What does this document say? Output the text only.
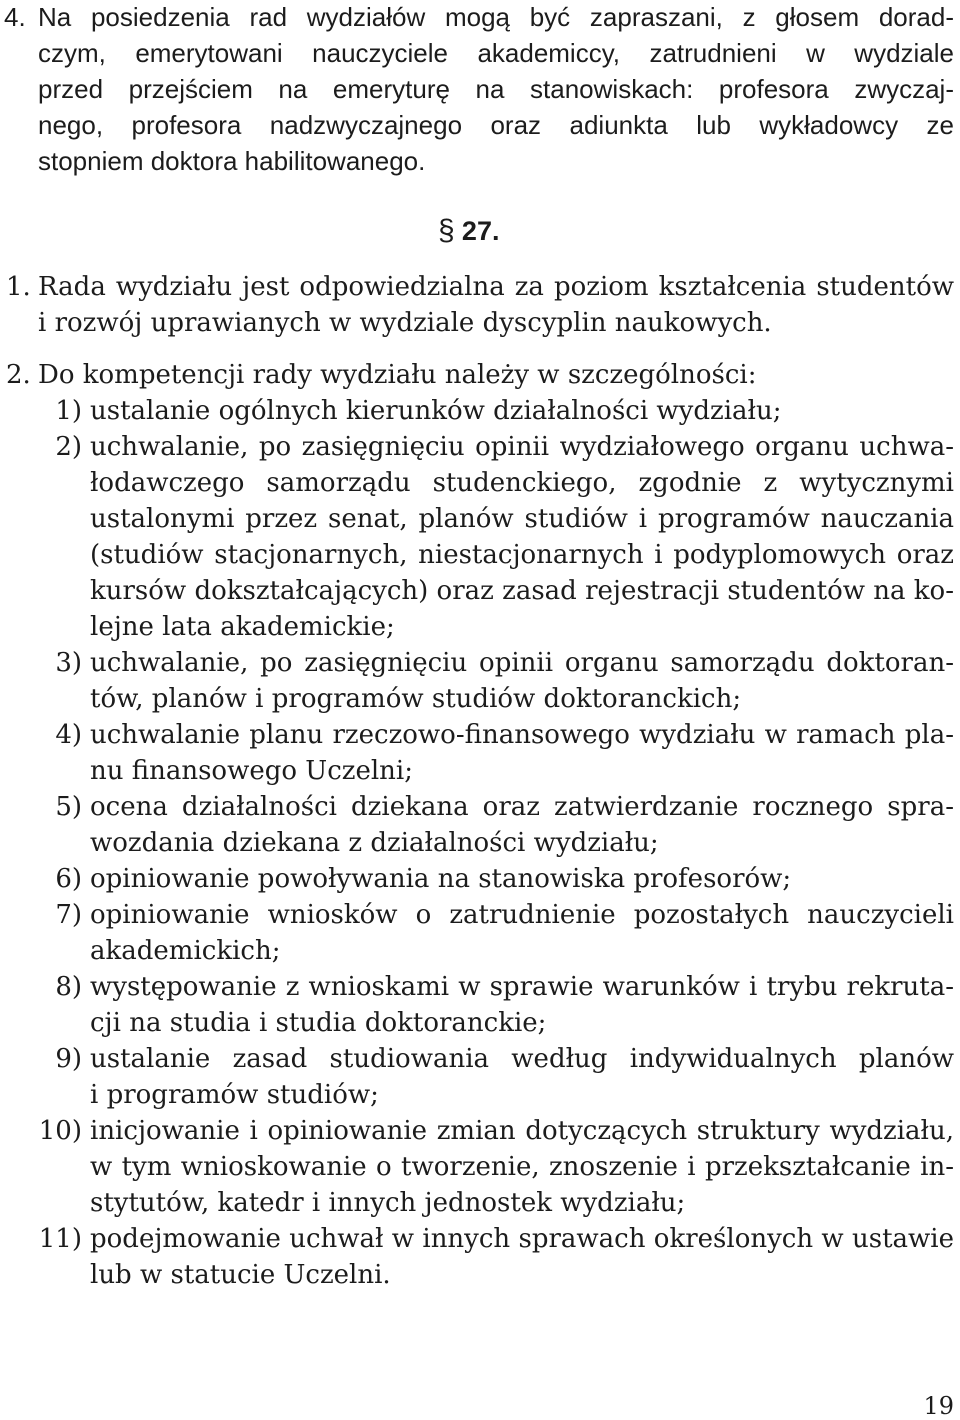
4. Na posiedzenia rad wydziałów mogą być zapraszani, z głosem dorad-
czym, emerytowani nauczyciele akademiccy, zatrudnieni w wydziale
przed przejściem na emeryturę na stanowiskach: profesora zwyczaj-
nego, profesora nadzwyczajnego oraz adiunkta lub wykładowcy ze
stopniem doktora habilitowanego.
§ 27.
1. Rada wydziału jest odpowiedzialna za poziom kształcenia studentów
i rozwój uprawianych w wydziale dyscyplin naukowych.
2. Do kompetencji rady wydziału należy w szczególności:
1) ustalanie ogólnych kierunków działalności wydziału;
2) uchwalanie, po zasięgnięciu opinii wydziałowego organu uchwa-
łodawczego samorządu studenckiego, zgodnie z wytycznymi
ustalonymi przez senat, planów studiów i programów nauczania
(studiów stacjonarnych, niestacjonarnych i podyplomowych oraz
kursów dokształcających) oraz zasad rejestracji studentów na ko-
lejne lata akademickie;
3) uchwalanie, po zasięgnięciu opinii organu samorządu doktoran-
tów, planów i programów studiów doktoranckich;
4) uchwalanie planu rzeczowo-finansowego wydziału w ramach pla-
nu finansowego Uczelni;
5) ocena działalności dziekana oraz zatwierdzanie rocznego spra-
wozdania dziekana z działalności wydziału;
6) opiniowanie powoływania na stanowiska profesorów;
7) opiniowanie wniosków o zatrudnienie pozostałych nauczycieli
akademickich;
8) występowanie z wnioskami w sprawie warunków i trybu rekruta-
cji na studia i studia doktoranckie;
9) ustalanie zasad studiowania według indywidualnych planów
i programów studiów;
10) inicjowanie i opiniowanie zmian dotyczących struktury wydziału,
w tym wnioskowanie o tworzenie, znoszenie i przekształcanie in-
stytutów, katedr i innych jednostek wydziału;
11) podejmowanie uchwał w innych sprawach określonych w ustawie
lub w statucie Uczelni.
19
